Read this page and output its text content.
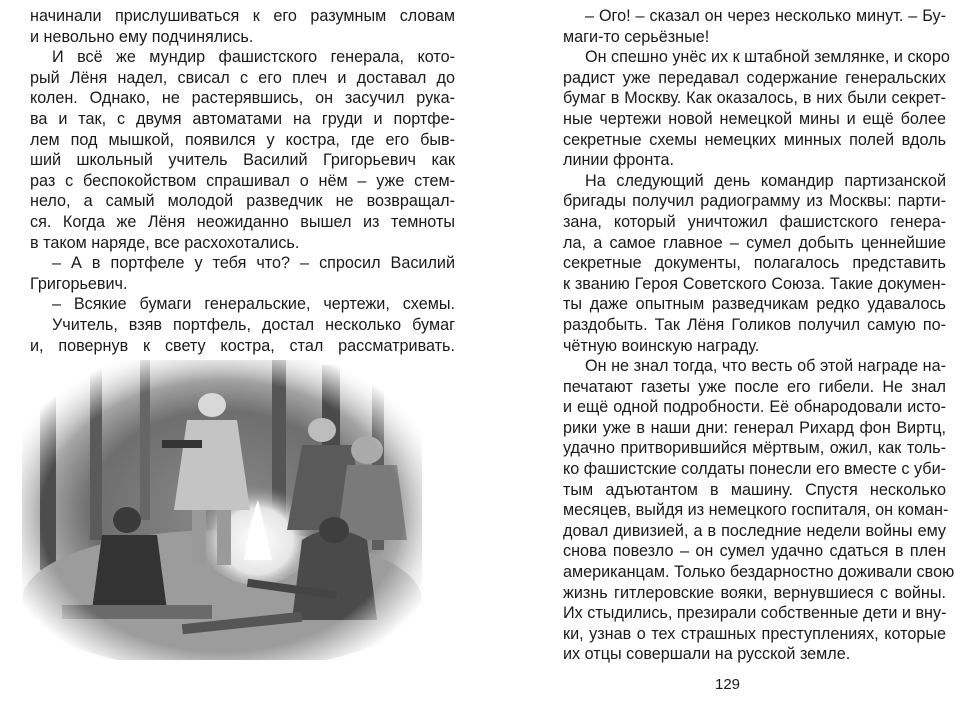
начинали прислушиваться к его разумным словам
и невольно ему подчинялись.
И всё же мундир фашистского генерала, кото-
рый Лёня надел, свисал с его плеч и доставал до
колен. Однако, не растерявшись, он засучил рука-
ва и так, с двумя автоматами на груди и портфе-
лем под мышкой, появился у костра, где его быв-
ший школьный учитель Василий Григорьевич как
раз с беспокойством спрашивал о нём – уже стем-
нело, а самый молодой разведчик не возвращал-
ся. Когда же Лёня неожиданно вышел из темноты
в таком наряде, все расхохотались.
– А в портфеле у тебя что? – спросил Василий
Григорьевич.
– Всякие бумаги генеральские, чертежи, схемы.
Учитель, взяв портфель, достал несколько бумаг
и, повернув к свету костра, стал рассматривать.
– Ого! – сказал он через несколько минут. – Бу-
маги-то серьёзные!
Он спешно унёс их к штабной землянке, и скоро
радист уже передавал содержание генеральских
бумаг в Москву. Как оказалось, в них были секрет-
ные чертежи новой немецкой мины и ещё более
секретные схемы немецких минных полей вдоль
линии фронта.
На следующий день командир партизанской
бригады получил радиограмму из Москвы: парти-
зана, который уничтожил фашистского генера-
ла, а самое главное – сумел добыть ценнейшие
секретные документы, полагалось представить
к званию Героя Советского Союза. Такие докумен-
ты даже опытным разведчикам редко удавалось
раздобыть. Так Лёня Голиков получил самую по-
чётную воинскую награду.
Он не знал тогда, что весть об этой награде на-
печатают газеты уже после его гибели. Не знал
и ещё одной подробности. Её обнародовали исто-
рики уже в наши дни: генерал Рихард фон Виртц,
удачно притворившийся мёртвым, ожил, как толь-
ко фашистские солдаты понесли его вместе с уби-
тым адъютантом в машину. Спустя несколько
месяцев, выйдя из немецкого госпиталя, он коман-
довал дивизией, а в последние недели войны ему
снова повезло – он сумел удачно сдаться в плен
американцам. Только бездарностно доживали свою
жизнь гитлеровские вояки, вернувшиеся с войны.
Их стыдились, презирали собственные дети и вну-
ки, узнав о тех страшных преступлениях, которые
их отцы совершали на русской земле.
129
